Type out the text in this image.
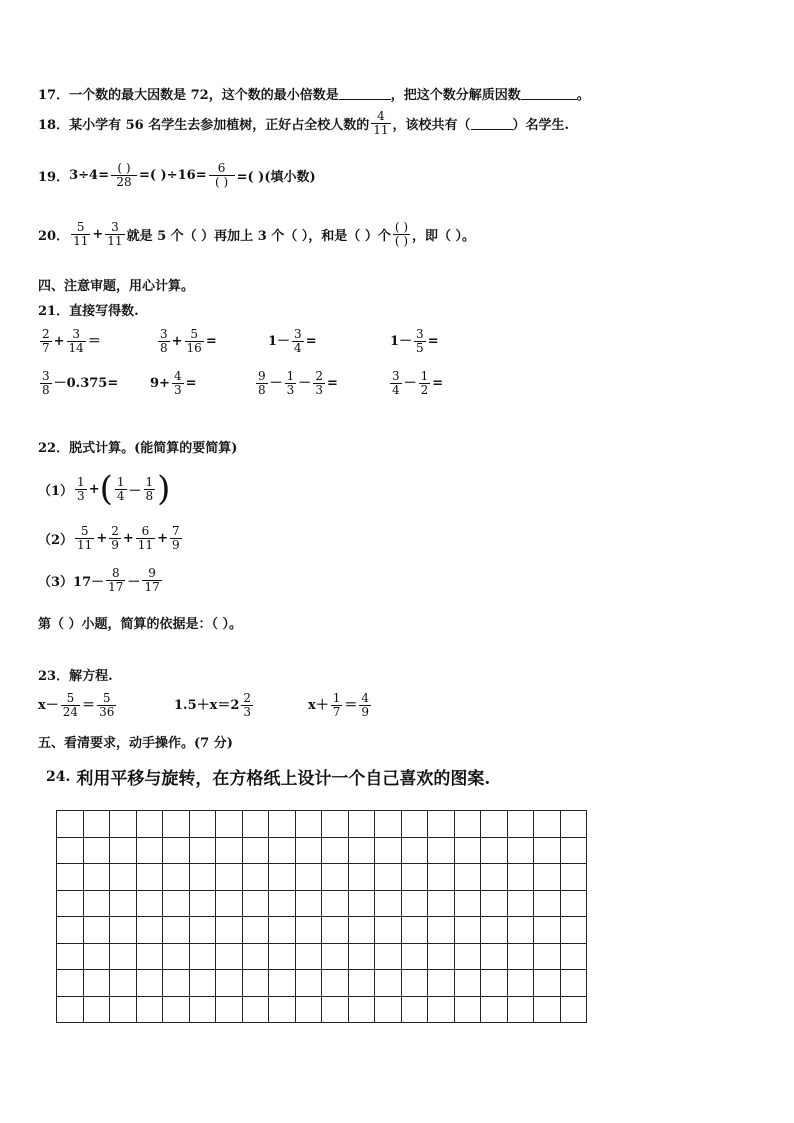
17． 一个数的最大因数是 72，这个数的最小倍数是	，把这个数分解质因数	。
18． 某小学有 56 名学生去参加植树，正好占全校人数的 $\frac{4}{11}$ ，该校共有（	）名学生.
19． $3\div 4= \frac{( )}{28}$ =( )$\div 16= \frac{6}{( )}$ =( )(填小数)
20． $\frac{5}{11} + \frac{3}{11}$ 就是 5 个（ ）再加上 3 个（ ），和是（ ）个 $\frac{( )}{( )}$ ，即（ ）。
四、注意审题，用心计算。
21．直接写得数.
$\frac{2}{7} + \frac{3}{14}$ ＝	$\frac{3}{8} + \frac{5}{16}$ =	$1- \frac{3}{4}$ =	$1- \frac{3}{5}$ =
$\frac{3}{8} -0.375=$	$9+ \frac{4}{3}$ =	$\frac{9}{8} - \frac{1}{3} - \frac{2}{3}$ =	$\frac{3}{4} - \frac{1}{2}$ =
22．脱式计算。(能简算的要简算)
$(1) \frac{1}{3}$ + ( $\frac{1}{4} - \frac{1}{8}$ )
$(2) \frac{5}{11} + \frac{2}{9} + \frac{6}{11} + \frac{7}{9}$
（3） $17- \frac{8}{17} - \frac{9}{17}$
第（ ）小题，简算的依据是：（ ）。
23．解方程.
$x- \frac{5}{24} = \frac{5}{36}$	$1.5+x=2 \frac{2}{3}$	$x+ \frac{1}{7} = \frac{4}{9}$
五、看清要求，动手操作。(7 分)
24. 利用平移与旋转，在方格纸上设计一个自己喜欢的图案.
